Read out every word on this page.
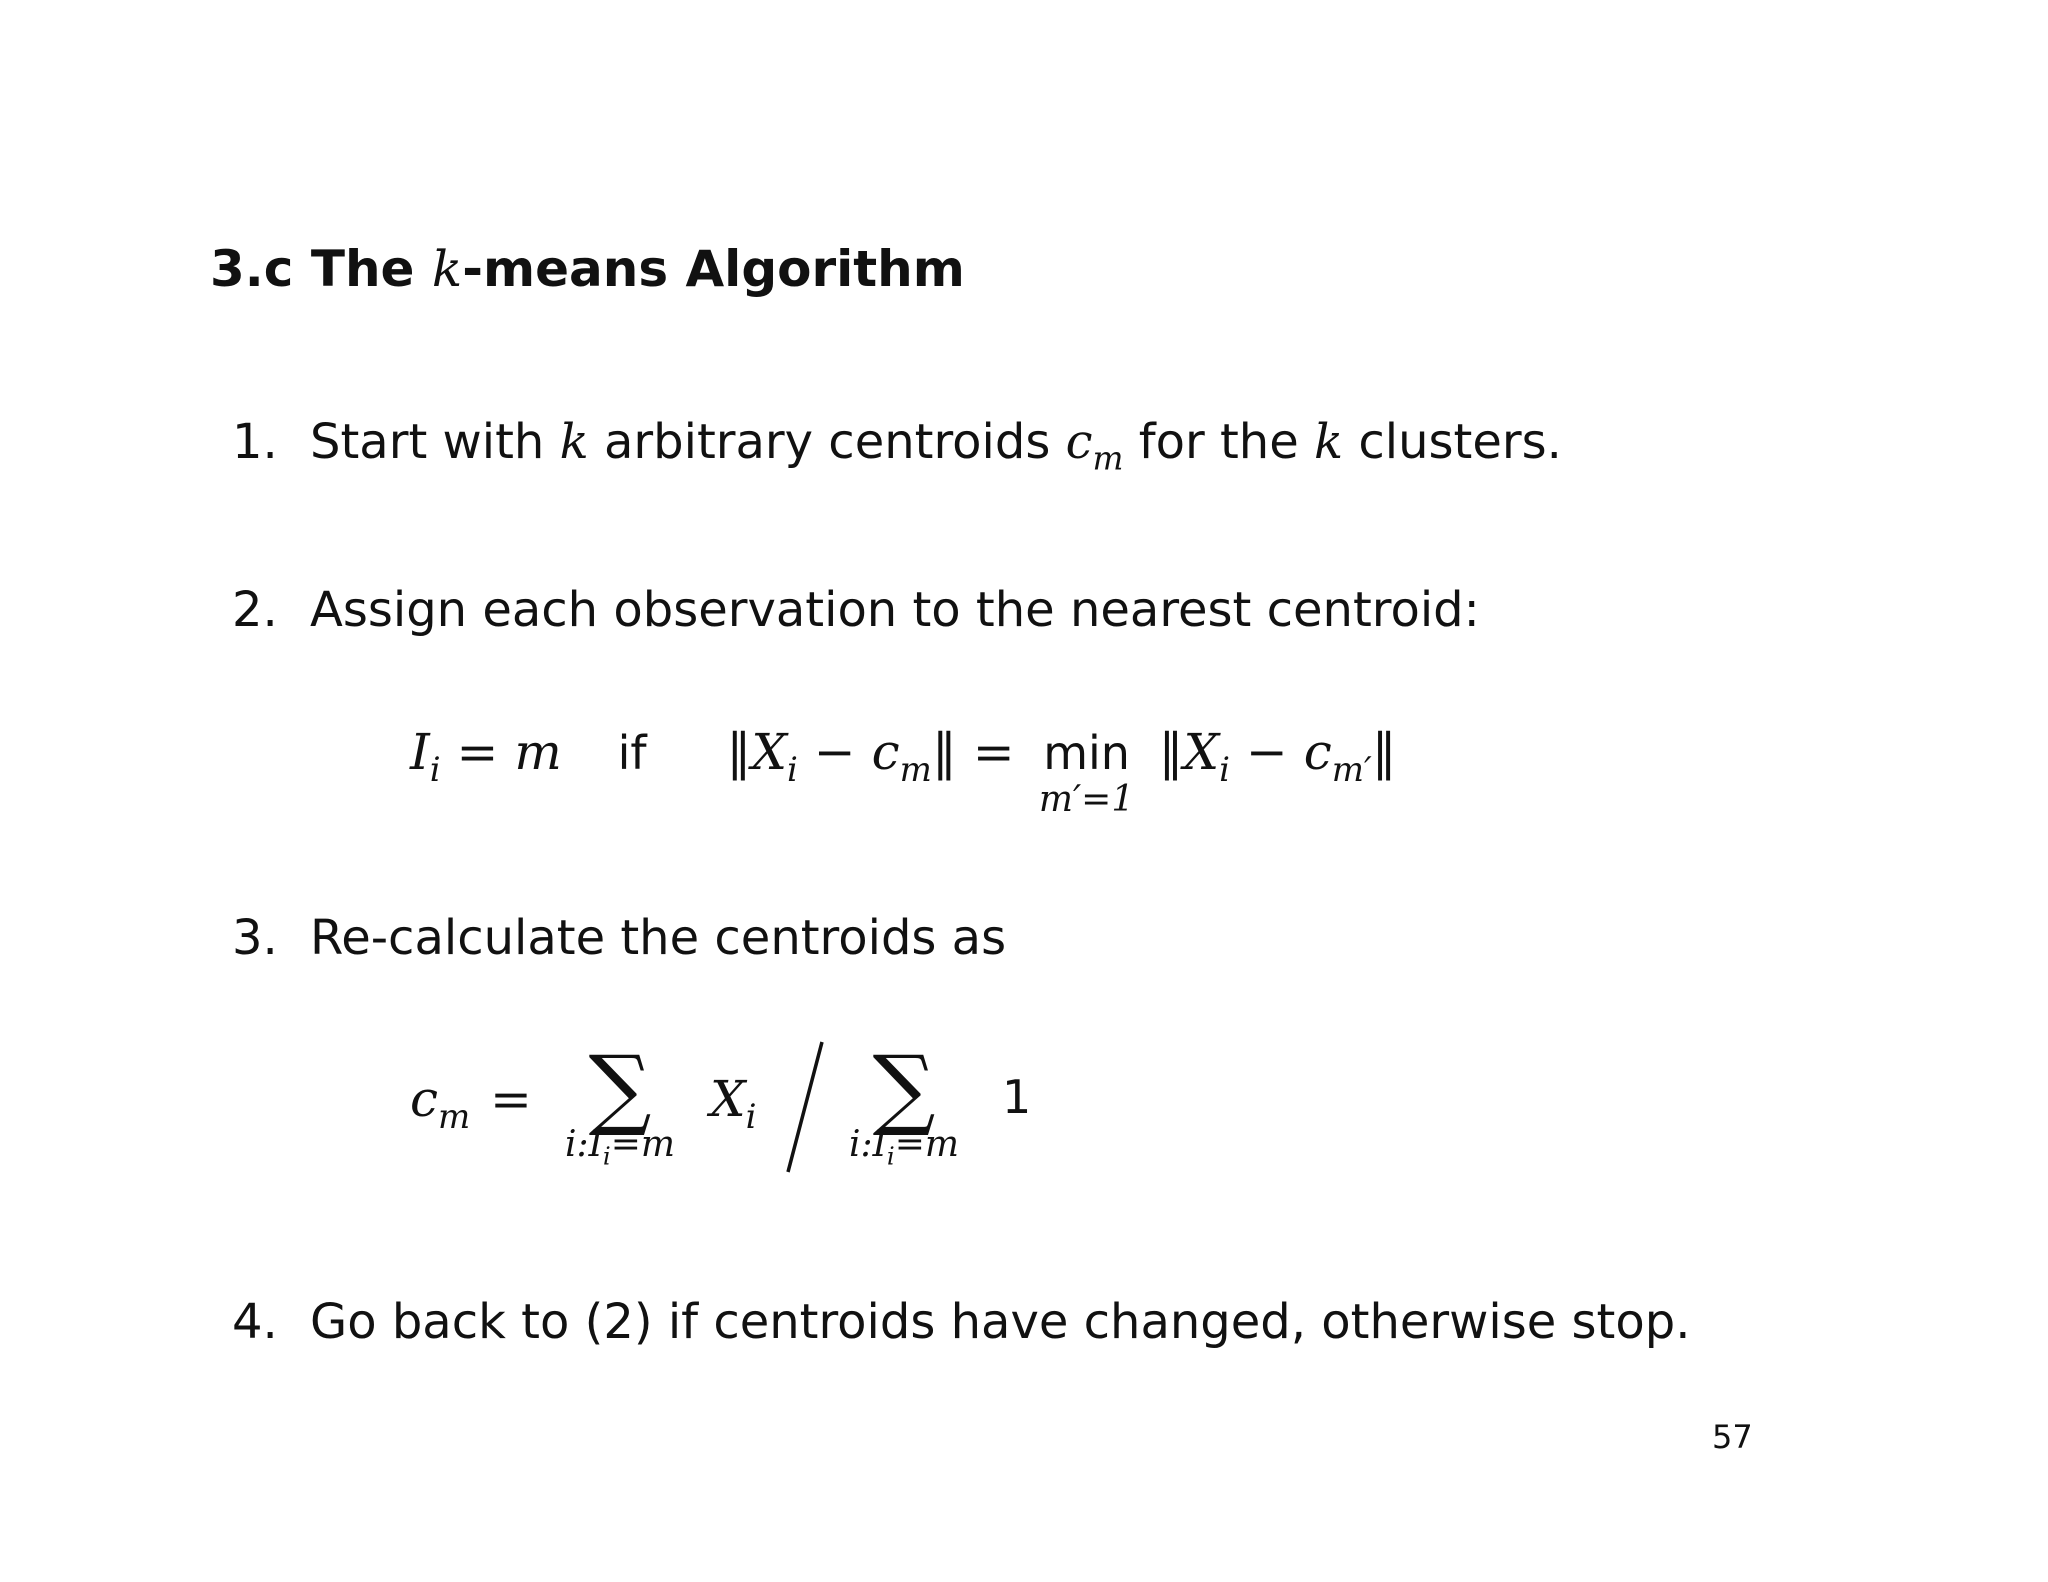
3.c The k-means Algorithm
1. Start with k arbitrary centroids $c_m$ for the k clusters.
2. Assign each observation to the nearest centroid:
$I_i = m$ if $‖X_i$ − $c_m‖ = \min$
m′=1
$‖X_i$ − $c_{m'}‖$
3. Re-calculate the centroids as
$c_m$ = ∑
$i:I_i=m$
$X_i$	∑
$i:I_i=m$
1
4. Go back to (2) if centroids have changed, otherwise stop.
57
